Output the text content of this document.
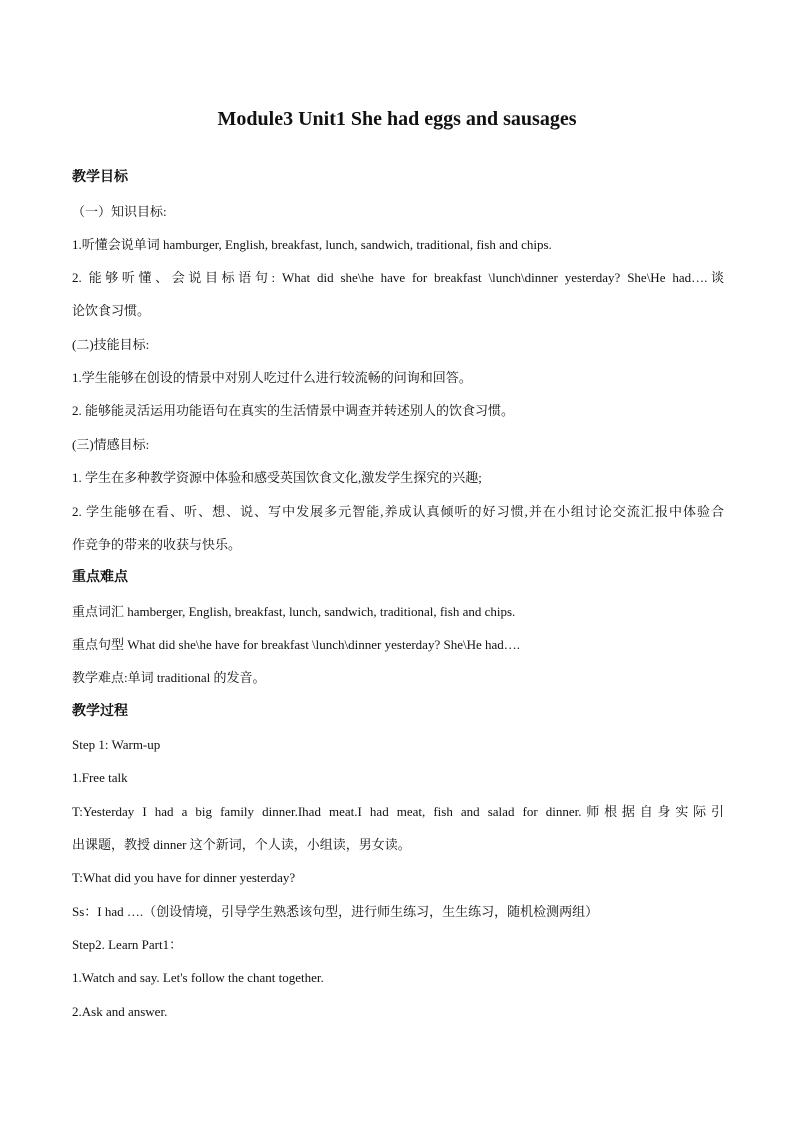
Module3 Unit1 She had eggs and sausages
教学目标
（一）知识目标:
1.听懂会说单词 hamburger, English, breakfast, lunch, sandwich, traditional, fish and chips.
2. 能够听懂、会说目标语句: What did she\he have for breakfast \lunch\dinner yesterday? She\He had….谈
论饮食习惯。
(二)技能目标:
1.学生能够在创设的情景中对别人吃过什么进行较流畅的问询和回答。
2. 能够能灵活运用功能语句在真实的生活情景中调查并转述别人的饮食习惯。
(三)情感目标:
1. 学生在多种教学资源中体验和感受英国饮食文化,激发学生探究的兴趣;
2. 学生能够在看、听、想、说、写中发展多元智能,养成认真倾听的好习惯,并在小组讨论交流汇报中体验合
作竞争的带来的收获与快乐。
重点难点
重点词汇 hamberger, English, breakfast, lunch, sandwich, traditional, fish and chips.
重点句型 What did she\he have for breakfast \lunch\dinner yesterday? She\He had….
教学难点:单词 traditional 的发音。
教学过程
Step 1: Warm-up
1.Free talk
T:Yesterday I had a big family dinner.Ihad meat.I had meat, fish and salad for dinner.师根据自身实际引
出课题，教授 dinner 这个新词，个人读，小组读，男女读。
T:What did you have for dinner yesterday?
Ss：I had ….（创设情境，引导学生熟悉该句型，进行师生练习，生生练习，随机检测两组）
Step2. Learn Part1：
1.Watch and say. Let's follow the chant together.
2.Ask and answer.
